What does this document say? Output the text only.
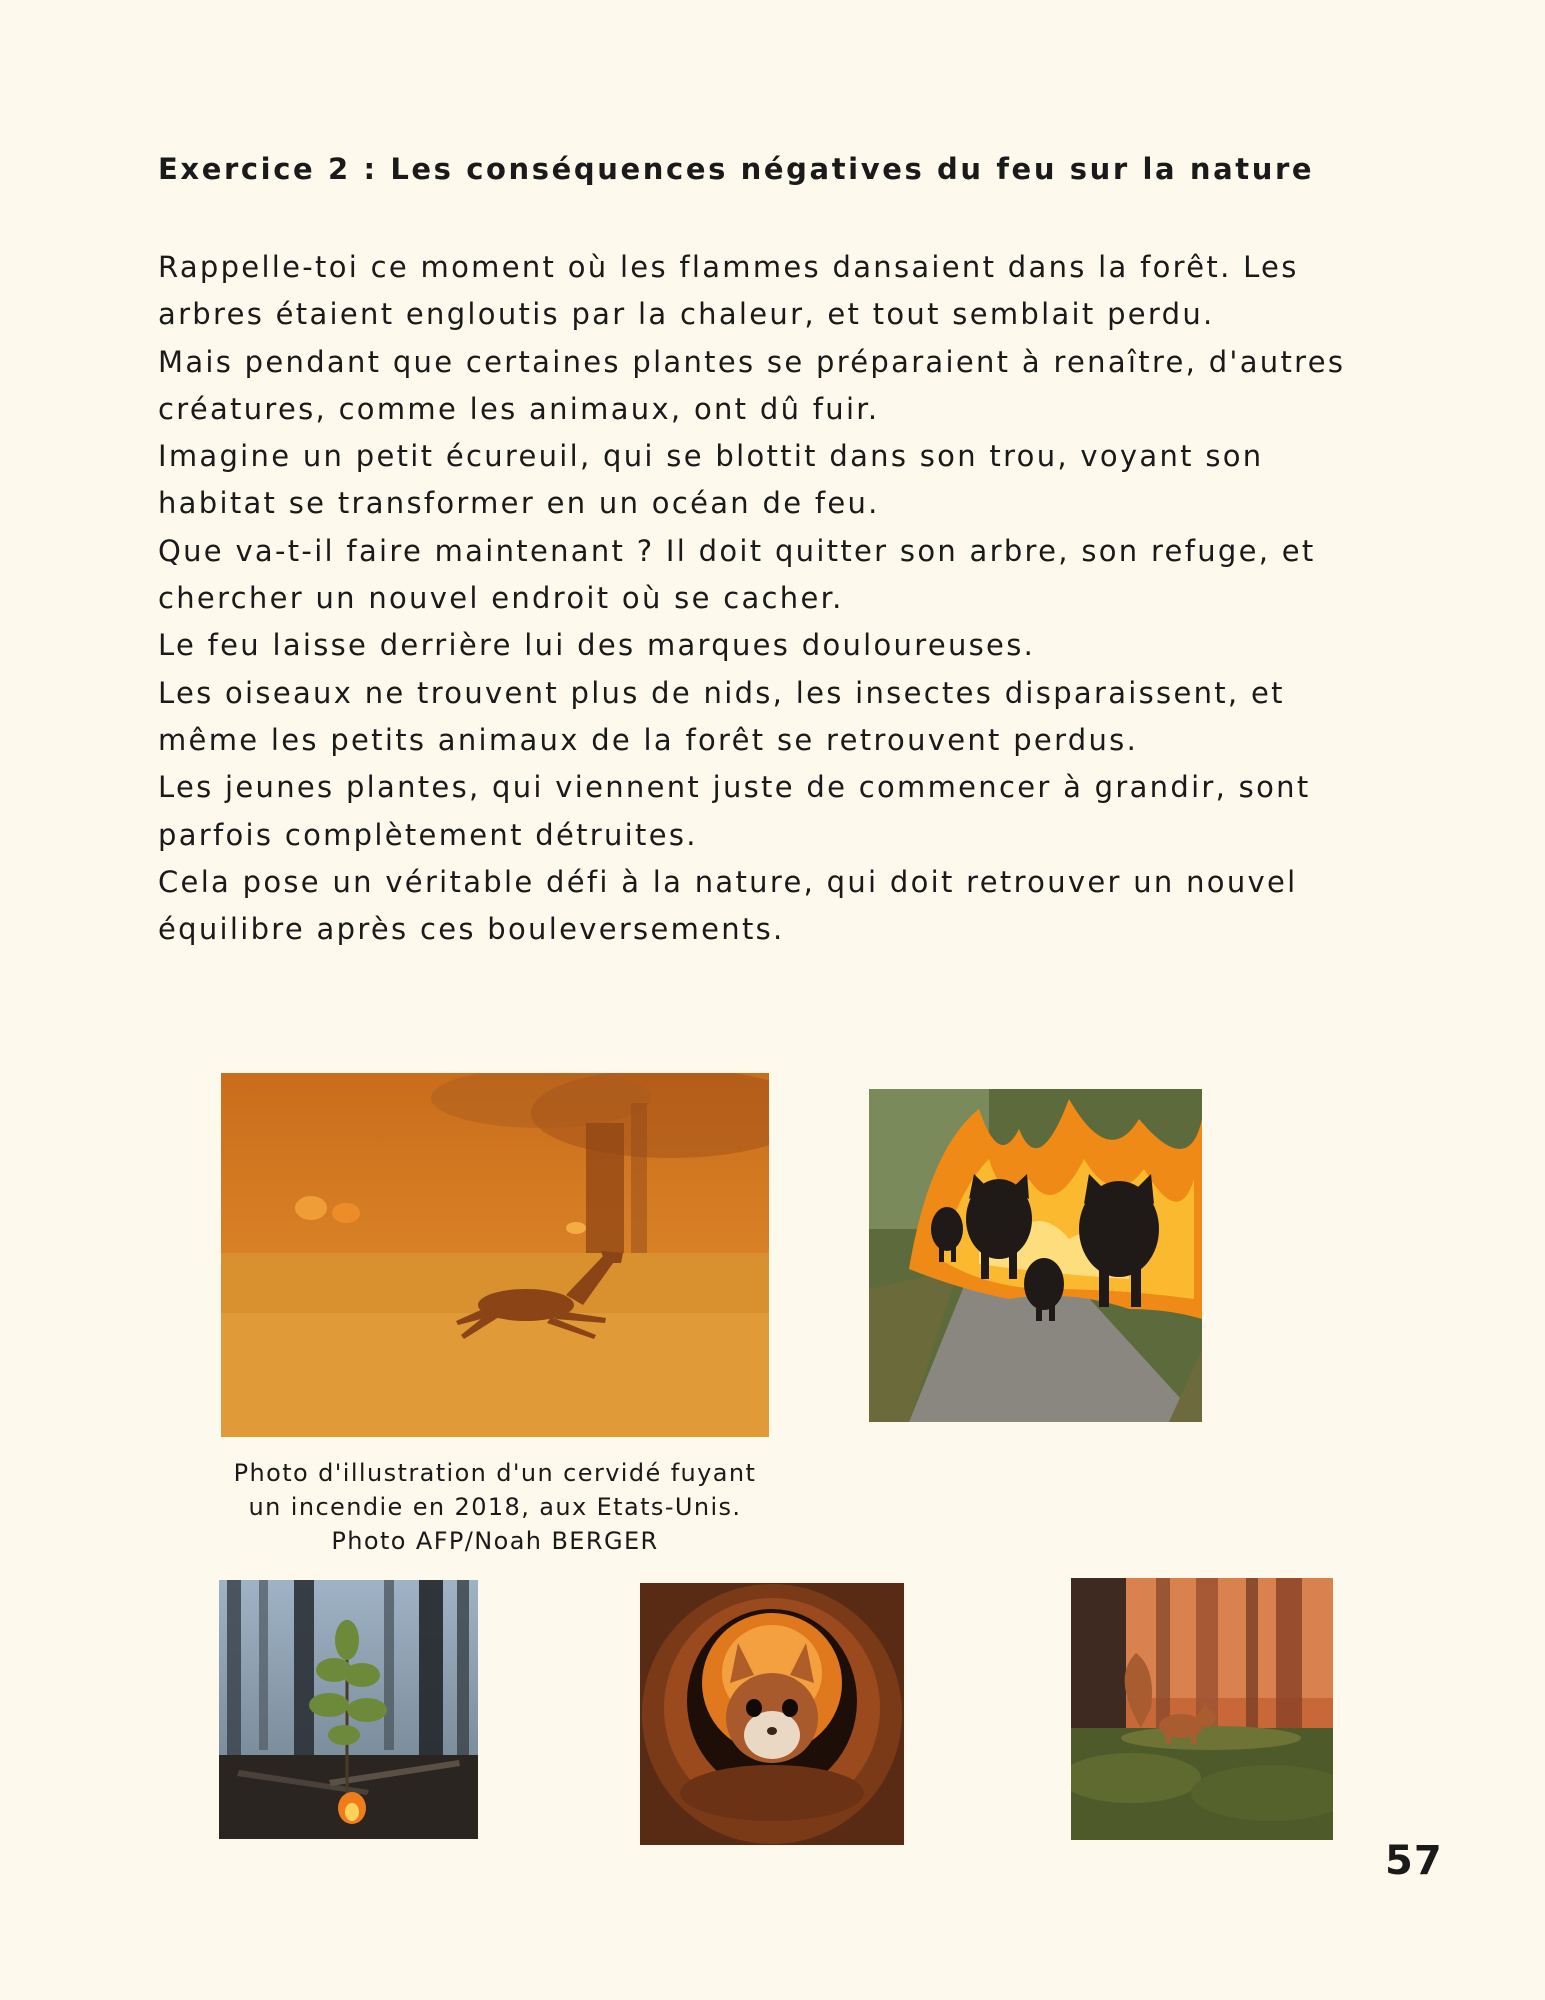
Exercice 2 : Les conséquences négatives du feu sur la nature

Rappelle-toi ce moment où les flammes dansaient dans la forêt. Les

arbres étaient engloutis par la chaleur, et tout semblait perdu.

Mais pendant que certaines plantes se préparaient à renaître, d'autres

créatures, comme les animaux, ont dû fuir.

Imagine un petit écureuil, qui se blottit dans son trou, voyant son

habitat se transformer en un océan de feu.

Que va-t-il faire maintenant ? Il doit quitter son arbre, son refuge, et

chercher un nouvel endroit où se cacher.

Le feu laisse derrière lui des marques douloureuses.

Les oiseaux ne trouvent plus de nids, les insectes disparaissent, et

même les petits animaux de la forêt se retrouvent perdus.

Les jeunes plantes, qui viennent juste de commencer à grandir, sont

parfois complètement détruites.

Cela pose un véritable défi à la nature, qui doit retrouver un nouvel

équilibre après ces bouleversements.

Photo d'illustration d'un cervidé fuyant
un incendie en 2018, aux Etats-Unis.
Photo AFP/Noah BERGER
57
